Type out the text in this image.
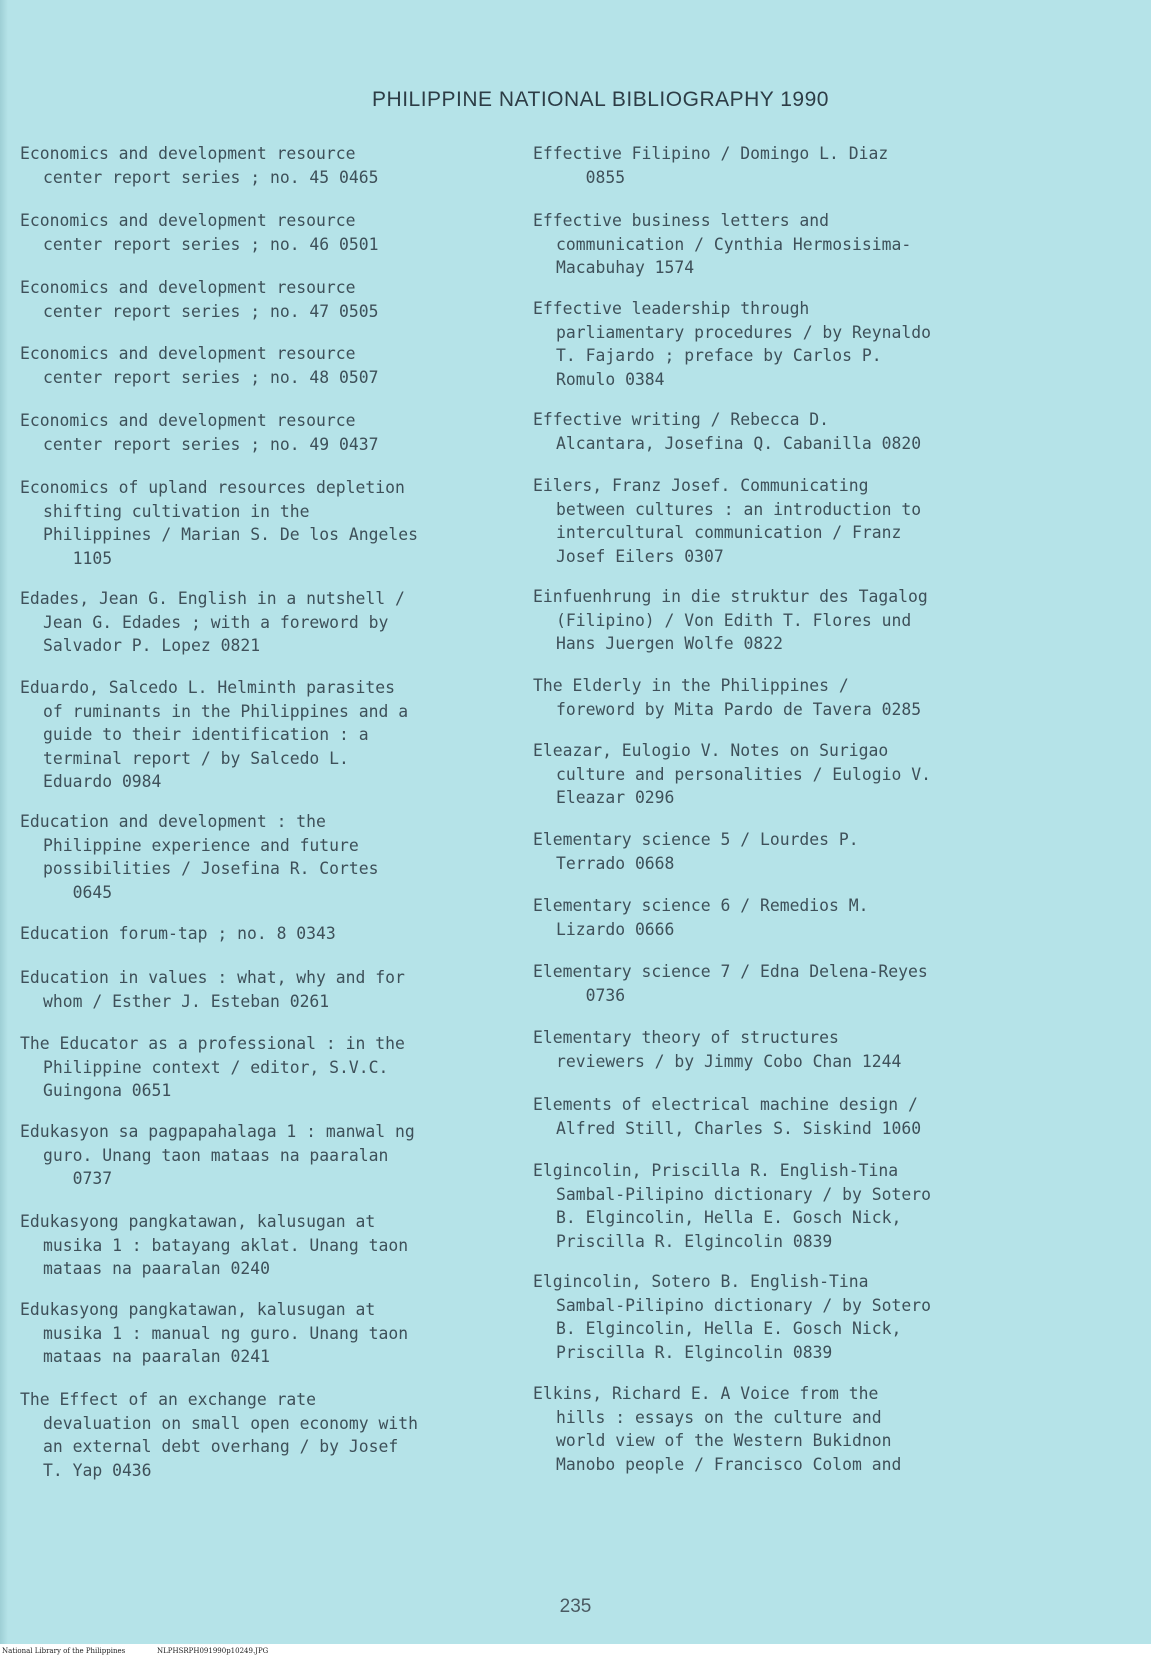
PHILIPPINE NATIONAL BIBLIOGRAPHY 1990
Economics and development resource
center report series ; no. 45 0465
Economics and development resource
center report series ; no. 46 0501
Economics and development resource
center report series ; no. 47 0505
Economics and development resource
center report series ; no. 48 0507
Economics and development resource
center report series ; no. 49 0437
Economics of upland resources depletion
shifting cultivation in the
Philippines / Marian S. De los Angeles
1105
Edades, Jean G. English in a nutshell /
Jean G. Edades ; with a foreword by
Salvador P. Lopez 0821
Eduardo, Salcedo L. Helminth parasites
of ruminants in the Philippines and a
guide to their identification : a
terminal report / by Salcedo L.
Eduardo 0984
Education and development : the
Philippine experience and future
possibilities / Josefina R. Cortes
0645
Education forum-tap ; no. 8 0343
Education in values : what, why and for
whom / Esther J. Esteban 0261
The Educator as a professional : in the
Philippine context / editor, S.V.C.
Guingona 0651
Edukasyon sa pagpapahalaga 1 : manwal ng
guro. Unang taon mataas na paaralan
0737
Edukasyong pangkatawan, kalusugan at
musika 1 : batayang aklat. Unang taon
mataas na paaralan 0240
Edukasyong pangkatawan, kalusugan at
musika 1 : manual ng guro. Unang taon
mataas na paaralan 0241
The Effect of an exchange rate
devaluation on small open economy with
an external debt overhang / by Josef
T. Yap 0436
Effective Filipino / Domingo L. Diaz
0855
Effective business letters and
communication / Cynthia Hermosisima-
Macabuhay 1574
Effective leadership through
parliamentary procedures / by Reynaldo
T. Fajardo ; preface by Carlos P.
Romulo 0384
Effective writing / Rebecca D.
Alcantara, Josefina Q. Cabanilla 0820
Eilers, Franz Josef. Communicating
between cultures : an introduction to
intercultural communication / Franz
Josef Eilers 0307
Einfuenhrung in die struktur des Tagalog
(Filipino) / Von Edith T. Flores und
Hans Juergen Wolfe 0822
The Elderly in the Philippines /
foreword by Mita Pardo de Tavera 0285
Eleazar, Eulogio V. Notes on Surigao
culture and personalities / Eulogio V.
Eleazar 0296
Elementary science 5 / Lourdes P.
Terrado 0668
Elementary science 6 / Remedios M.
Lizardo 0666
Elementary science 7 / Edna Delena-Reyes
0736
Elementary theory of structures
reviewers / by Jimmy Cobo Chan 1244
Elements of electrical machine design /
Alfred Still, Charles S. Siskind 1060
Elgincolin, Priscilla R. English-Tina
Sambal-Pilipino dictionary / by Sotero
B. Elgincolin, Hella E. Gosch Nick,
Priscilla R. Elgincolin 0839
Elgincolin, Sotero B. English-Tina
Sambal-Pilipino dictionary / by Sotero
B. Elgincolin, Hella E. Gosch Nick,
Priscilla R. Elgincolin 0839
Elkins, Richard E. A Voice from the
hills : essays on the culture and
world view of the Western Bukidnon
Manobo people / Francisco Colom and
235
National Library of the Philippines	NLPHSRPH091990p10249.JPG
